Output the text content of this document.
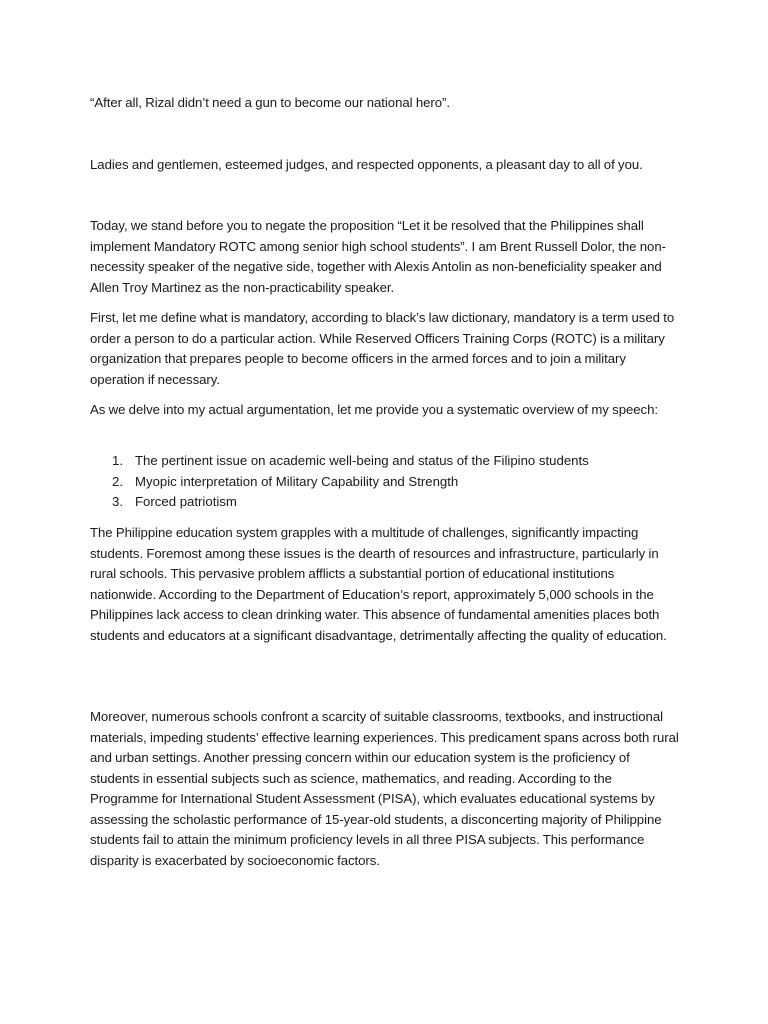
“After all, Rizal didn’t need a gun to become our national hero”.

Ladies and gentlemen, esteemed judges, and respected opponents, a pleasant day to all of you.

Today, we stand before you to negate the proposition “Let it be resolved that the Philippines shall implement Mandatory ROTC among senior high school students”. I am Brent Russell Dolor, the non-necessity speaker of the negative side, together with Alexis Antolin as non-beneficiality speaker and Allen Troy Martinez as the non-practicability speaker.

First, let me define what is mandatory, according to black’s law dictionary, mandatory is a term used to order a person to do a particular action. While Reserved Officers Training Corps (ROTC) is a military organization that prepares people to become officers in the armed forces and to join a military operation if necessary.

As we delve into my actual argumentation, let me provide you a systematic overview of my speech:

1. The pertinent issue on academic well-being and status of the Filipino students
2. Myopic interpretation of Military Capability and Strength
3. Forced patriotism

The Philippine education system grapples with a multitude of challenges, significantly impacting students. Foremost among these issues is the dearth of resources and infrastructure, particularly in rural schools. This pervasive problem afflicts a substantial portion of educational institutions nationwide. According to the Department of Education’s report, approximately 5,000 schools in the Philippines lack access to clean drinking water. This absence of fundamental amenities places both students and educators at a significant disadvantage, detrimentally affecting the quality of education.

Moreover, numerous schools confront a scarcity of suitable classrooms, textbooks, and instructional materials, impeding students’ effective learning experiences. This predicament spans across both rural and urban settings. Another pressing concern within our education system is the proficiency of students in essential subjects such as science, mathematics, and reading. According to the Programme for International Student Assessment (PISA), which evaluates educational systems by assessing the scholastic performance of 15-year-old students, a disconcerting majority of Philippine students fail to attain the minimum proficiency levels in all three PISA subjects. This performance disparity is exacerbated by socioeconomic factors.
